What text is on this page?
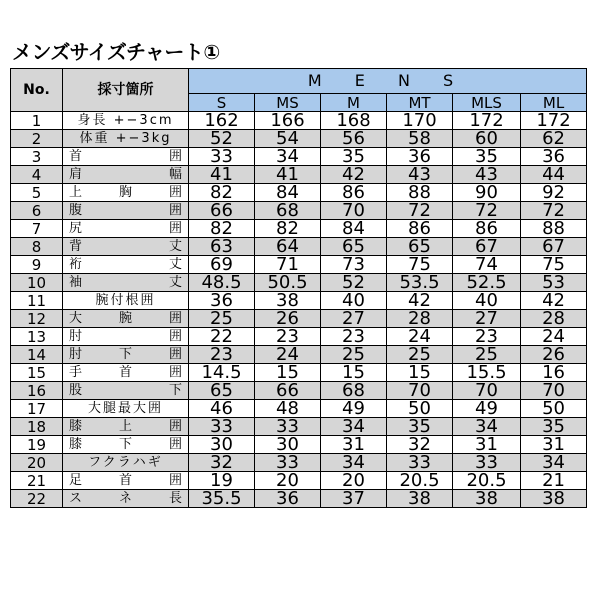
メンズサイズチャート①
No.	採寸箇所	M E N S					
		S	MS	M	MT	MLS	ML
1	身長 +−3cm	162	166	168	170	172	172
2	体重 +−3kg	52	54	56	58	60	62
3	首 囲	33	34	35	36	35	36
4	肩 幅	41	41	42	43	43	44
5	上 胸 囲	82	84	86	88	90	92
6	腹 囲	66	68	70	72	72	72
7	尻 囲	82	82	84	86	86	88
8	背 丈	63	64	65	65	67	67
9	裄 丈	69	71	73	75	74	75
10	袖 丈	48.5	50.5	52	53.5	52.5	53
11	腕付根囲	36	38	40	42	40	42
12	大 腕 囲	25	26	27	28	27	28
13	肘 囲	22	23	23	24	23	24
14	肘 下 囲	23	24	25	25	25	26
15	手 首 囲	14.5	15	15	15	15.5	16
16	股 下	65	66	68	70	70	70
17	大腿最大囲	46	48	49	50	49	50
18	膝 上 囲	33	33	34	35	34	35
19	膝 下 囲	30	30	31	32	31	31
20	フクラハギ	32	33	34	33	33	34
21	足 首 囲	19	20	20	20.5	20.5	21
22	ス ネ 長	35.5	36	37	38	38	38
